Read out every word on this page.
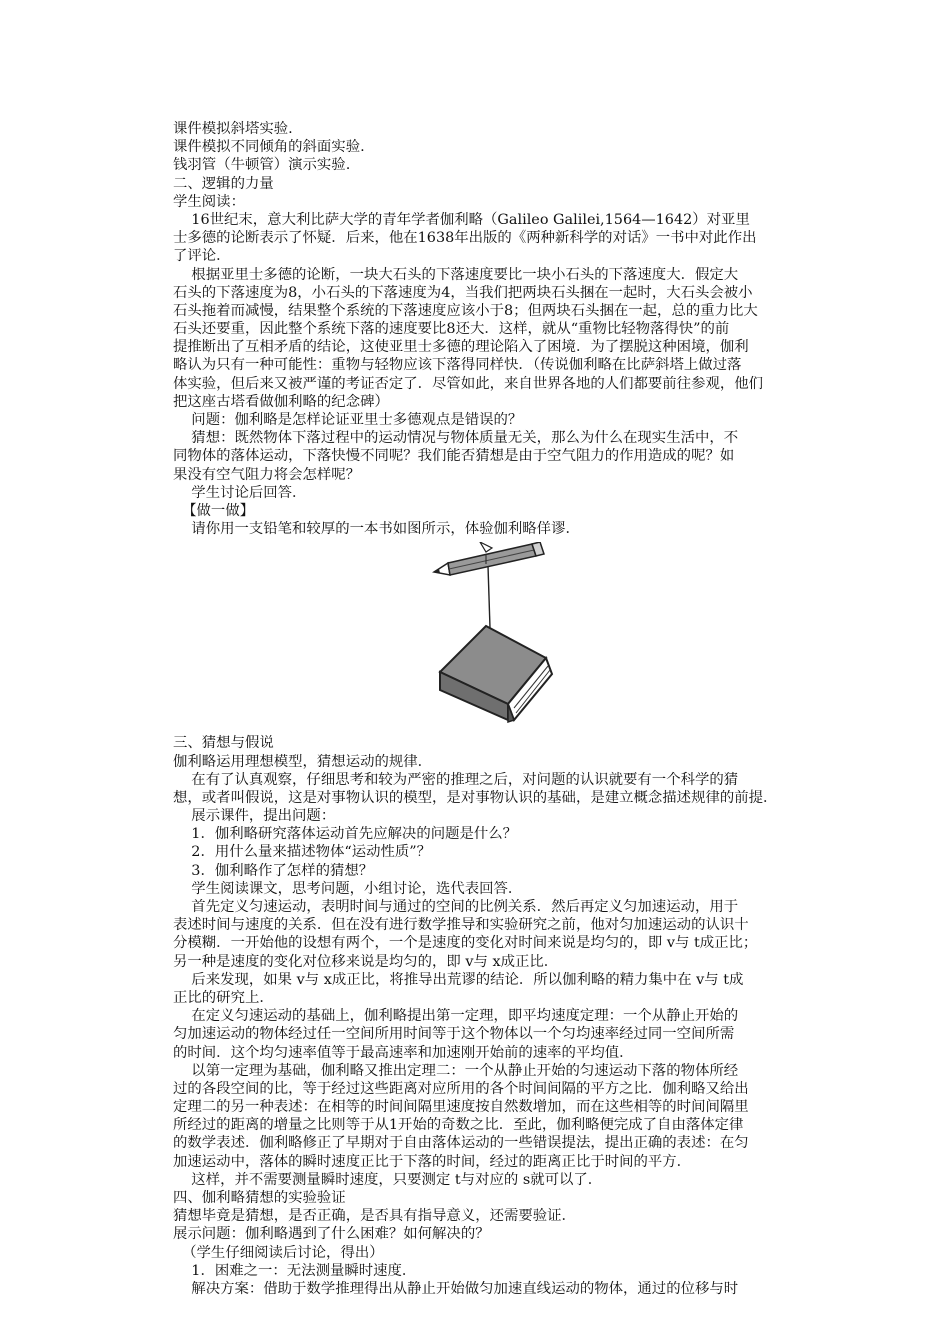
课件模拟斜塔实验.
课件模拟不同倾角的斜面实验.
钱羽管（牛顿管）演示实验.
二、逻辑的力量
学生阅读：
16世纪末，意大利比萨大学的青年学者伽利略（Galileo Galilei,1564—1642）对亚里
士多德的论断表示了怀疑．后来，他在1638年出版的《两种新科学的对话》一书中对此作出
了评论．
根据亚里士多德的论断，一块大石头的下落速度要比一块小石头的下落速度大．假定大
石头的下落速度为8，小石头的下落速度为4，当我们把两块石头捆在一起时，大石头会被小
石头拖着而减慢，结果整个系统的下落速度应该小于8；但两块石头捆在一起，总的重力比大
石头还要重，因此整个系统下落的速度要比8还大．这样，就从“重物比轻物落得快”的前
提推断出了互相矛盾的结论，这使亚里士多德的理论陷入了困境．为了摆脱这种困境，伽利
略认为只有一种可能性：重物与轻物应该下落得同样快．（传说伽利略在比萨斜塔上做过落
体实验，但后来又被严谨的考证否定了．尽管如此，来自世界各地的人们都要前往参观，他们
把这座古塔看做伽利略的纪念碑）
问题：伽利略是怎样论证亚里士多德观点是错误的？
猜想：既然物体下落过程中的运动情况与物体质量无关，那么为什么在现实生活中，不
同物体的落体运动，下落快慢不同呢？我们能否猜想是由于空气阻力的作用造成的呢？如
果没有空气阻力将会怎样呢？
学生讨论后回答．
【做一做】
请你用一支铅笔和较厚的一本书如图所示，体验伽利略佯谬．
三、猜想与假说
伽利略运用理想模型，猜想运动的规律．
在有了认真观察，仔细思考和较为严密的推理之后，对问题的认识就要有一个科学的猜
想，或者叫假说，这是对事物认识的模型，是对事物认识的基础，是建立概念描述规律的前提．
展示课件，提出问题：
1．伽利略研究落体运动首先应解决的问题是什么？
2．用什么量来描述物体“运动性质”？
3．伽利略作了怎样的猜想？
学生阅读课文，思考问题，小组讨论，选代表回答．
首先定义匀速运动，表明时间与通过的空间的比例关系．然后再定义匀加速运动，用于
表述时间与速度的关系．但在没有进行数学推导和实验研究之前，他对匀加速运动的认识十
分模糊．一开始他的设想有两个，一个是速度的变化对时间来说是均匀的，即 v与 t成正比；
另一种是速度的变化对位移来说是均匀的，即 v与 x成正比．
后来发现，如果 v与 x成正比，将推导出荒谬的结论．所以伽利略的精力集中在 v与 t成
正比的研究上．
在定义匀速运动的基础上，伽利略提出第一定理，即平均速度定理：一个从静止开始的
匀加速运动的物体经过任一空间所用时间等于这个物体以一个匀均速率经过同一空间所需
的时间．这个均匀速率值等于最高速率和加速刚开始前的速率的平均值．
以第一定理为基础，伽利略又推出定理二：一个从静止开始的匀速运动下落的物体所经
过的各段空间的比，等于经过这些距离对应所用的各个时间间隔的平方之比．伽利略又给出
定理二的另一种表述：在相等的时间间隔里速度按自然数增加，而在这些相等的时间间隔里
所经过的距离的增量之比则等于从1开始的奇数之比．至此，伽利略便完成了自由落体定律
的数学表述．伽利略修正了早期对于自由落体运动的一些错误提法，提出正确的表述：在匀
加速运动中，落体的瞬时速度正比于下落的时间，经过的距离正比于时间的平方．
这样，并不需要测量瞬时速度，只要测定 t与对应的 s就可以了．
四、伽利略猜想的实验验证
猜想毕竟是猜想，是否正确，是否具有指导意义，还需要验证．
展示问题：伽利略遇到了什么困难？如何解决的？
（学生仔细阅读后讨论，得出）
1．困难之一：无法测量瞬时速度．
解决方案：借助于数学推理得出从静止开始做匀加速直线运动的物体，通过的位移与时
